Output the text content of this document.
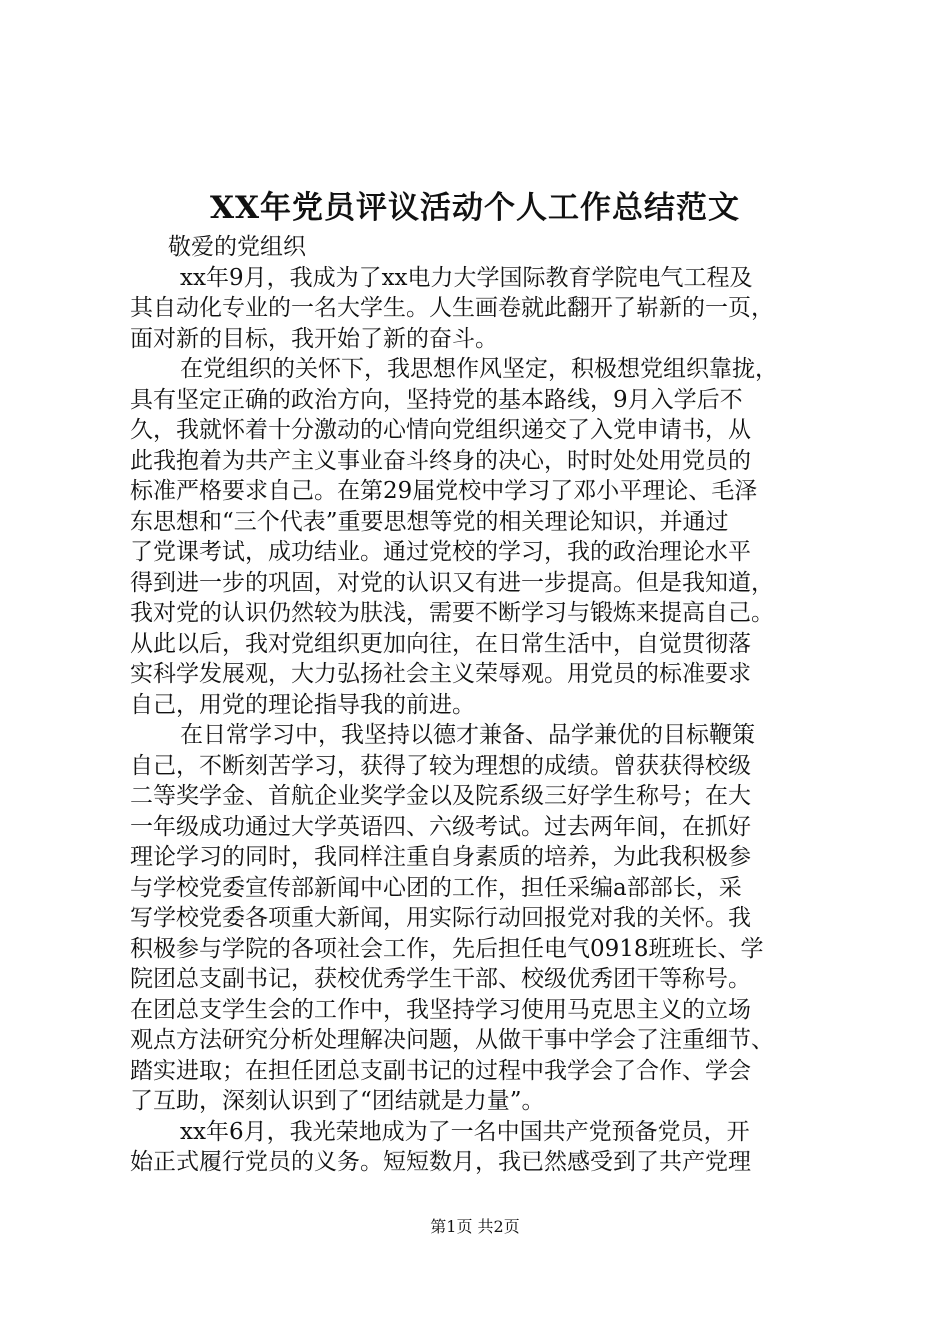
XX年党员评议活动个人工作总结范文
敬爱的党组织
xx年9月，我成为了xx电力大学国际教育学院电气工程及
其自动化专业的一名大学生。人生画卷就此翻开了崭新的一页，
面对新的目标，我开始了新的奋斗。
在党组织的关怀下，我思想作风坚定，积极想党组织靠拢，
具有坚定正确的政治方向，坚持党的基本路线，9月入学后不
久，我就怀着十分激动的心情向党组织递交了入党申请书，从
此我抱着为共产主义事业奋斗终身的决心，时时处处用党员的
标准严格要求自己。在第29届党校中学习了邓小平理论、毛泽
东思想和“三个代表”重要思想等党的相关理论知识，并通过
了党课考试，成功结业。通过党校的学习，我的政治理论水平
得到进一步的巩固，对党的认识又有进一步提高。但是我知道，
我对党的认识仍然较为肤浅，需要不断学习与锻炼来提高自己。
从此以后，我对党组织更加向往，在日常生活中，自觉贯彻落
实科学发展观，大力弘扬社会主义荣辱观。用党员的标准要求
自己，用党的理论指导我的前进。
在日常学习中，我坚持以德才兼备、品学兼优的目标鞭策
自己，不断刻苦学习，获得了较为理想的成绩。曾获获得校级
二等奖学金、首航企业奖学金以及院系级三好学生称号；在大
一年级成功通过大学英语四、六级考试。过去两年间，在抓好
理论学习的同时，我同样注重自身素质的培养，为此我积极参
与学校党委宣传部新闻中心团的工作，担任采编a部部长，采
写学校党委各项重大新闻，用实际行动回报党对我的关怀。我
积极参与学院的各项社会工作，先后担任电气0918班班长、学
院团总支副书记，获校优秀学生干部、校级优秀团干等称号。
在团总支学生会的工作中，我坚持学习使用马克思主义的立场
观点方法研究分析处理解决问题，从做干事中学会了注重细节、
踏实进取；在担任团总支副书记的过程中我学会了合作、学会
了互助，深刻认识到了“团结就是力量”。
xx年6月，我光荣地成为了一名中国共产党预备党员，开
始正式履行党员的义务。短短数月，我已然感受到了共产党理
第1页 共2页
